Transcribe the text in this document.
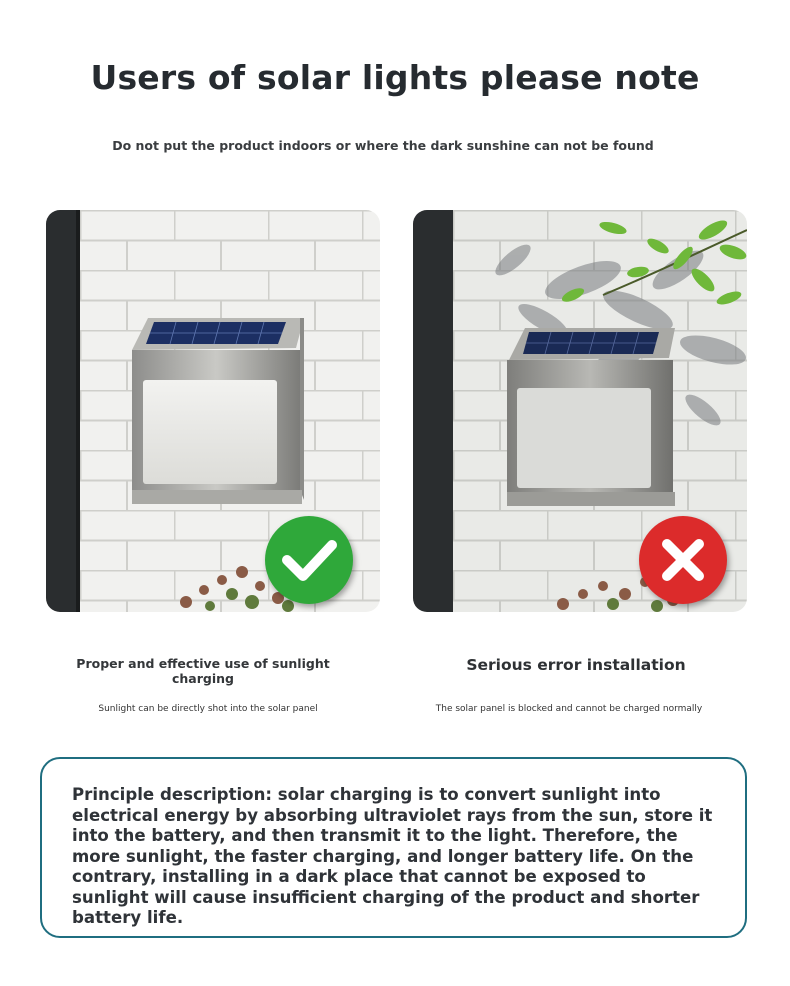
Users of solar lights please note
Do not put the product indoors or where the dark sunshine can not be found
Proper and effective use of sunlight charging
Serious error installation
Sunlight can be directly shot into the solar panel	The solar panel is blocked and cannot be charged normally

Principle description: solar charging is to convert sunlight into electrical energy by absorbing ultraviolet rays from the sun, store it into the battery, and then transmit it to the light. Therefore, the more sunlight, the faster charging, and longer battery life. On the contrary, installing in a dark place that cannot be exposed to sunlight will cause insufficient charging of the product and shorter battery life.
